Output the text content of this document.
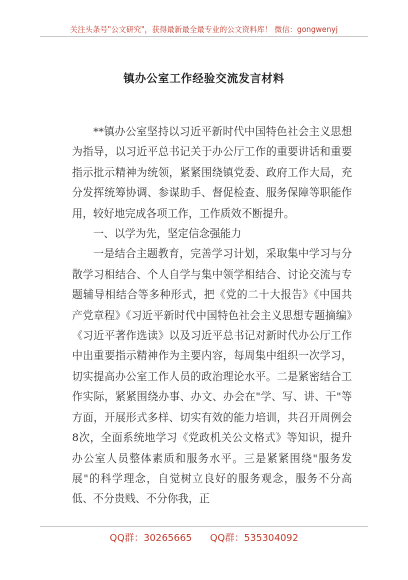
关注头条号"公文研究"，获得最新最全最专业的公文资料库！ 微信：gongwenyj
镇办公室工作经验交流发言材料

**镇办公室坚持以习近平新时代中国特色社会主义思想为指导，以习近平总书记关于办公厅工作的重要讲话和重要指示批示精神为统领，紧紧围绕镇党委、政府工作大局，充分发挥统筹协调、参谋助手、督促检查、服务保障等职能作用，较好地完成各项工作，工作质效不断提升。

一、以学为先，坚定信念强能力

一是结合主题教育，完善学习计划，采取集中学习与分散学习相结合、个人自学与集中领学相结合、讨论交流与专题辅导相结合等多种形式，把《党的二十大报告》《中国共产党章程》《习近平新时代中国特色社会主义思想专题摘编》《习近平著作选读》以及习近平总书记对新时代办公厅工作中出重要指示精神作为主要内容，每周集中组织一次学习，切实提高办公室工作人员的政治理论水平。二是紧密结合工作实际，紧紧围绕办事、办文、办会在"学、写、讲、干"等方面，开展形式多样、切实有效的能力培训，共召开周例会8次，全面系统地学习《党政机关公文格式》等知识，提升办公室人员整体素质和服务水平。三是紧紧围绕"服务发展"的科学理念，自觉树立良好的服务观念，服务不分高低、不分贵贱、不分你我，正

QQ群：30265665      QQ群：535304092
